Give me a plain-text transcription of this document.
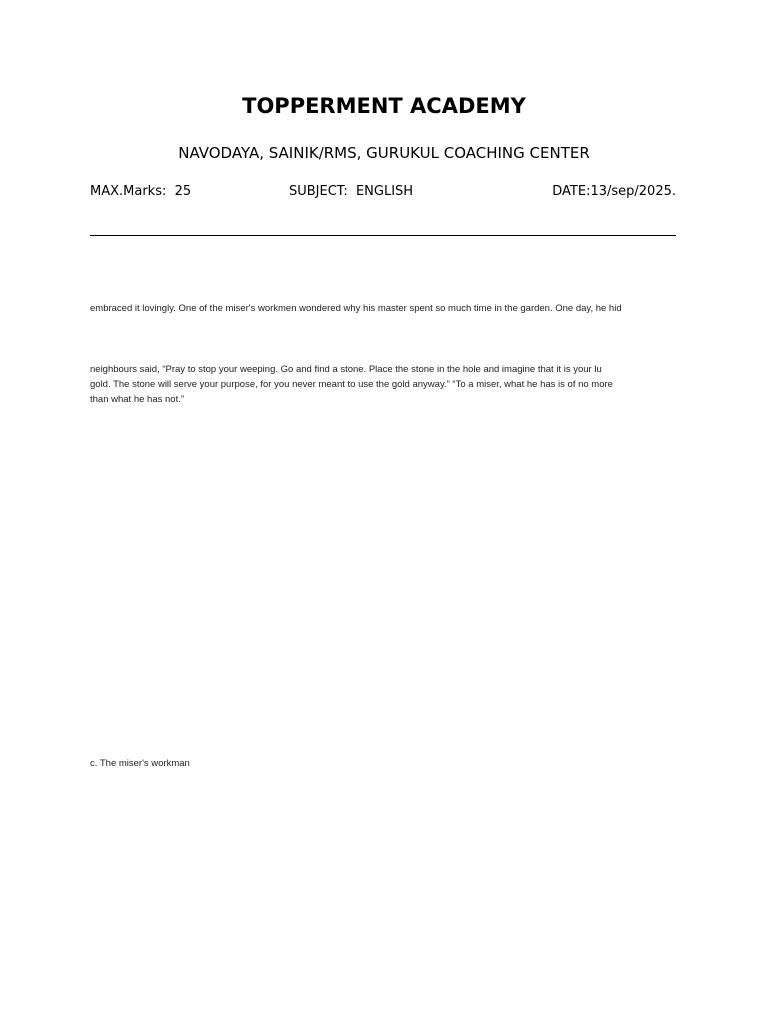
TOPPERMENT ACADEMY
NAVODAYA, SAINIK/RMS, GURUKUL COACHING CENTER
MAX.Marks:  25	SUBJECT:  ENGLISH	DATE:13/sep/2025.
embraced it lovingly. One of the miser's workmen wondered why his master spent so much time in the garden. One day, he hid
neighbours said, “Pray to stop your weeping. Go and find a stone. Place the stone in the hole and imagine that it is your lu
gold. The stone will serve your purpose, for you never meant to use the gold anyway.” “To a miser, what he has is of no more
than what he has not.”
c. The miser's workman
